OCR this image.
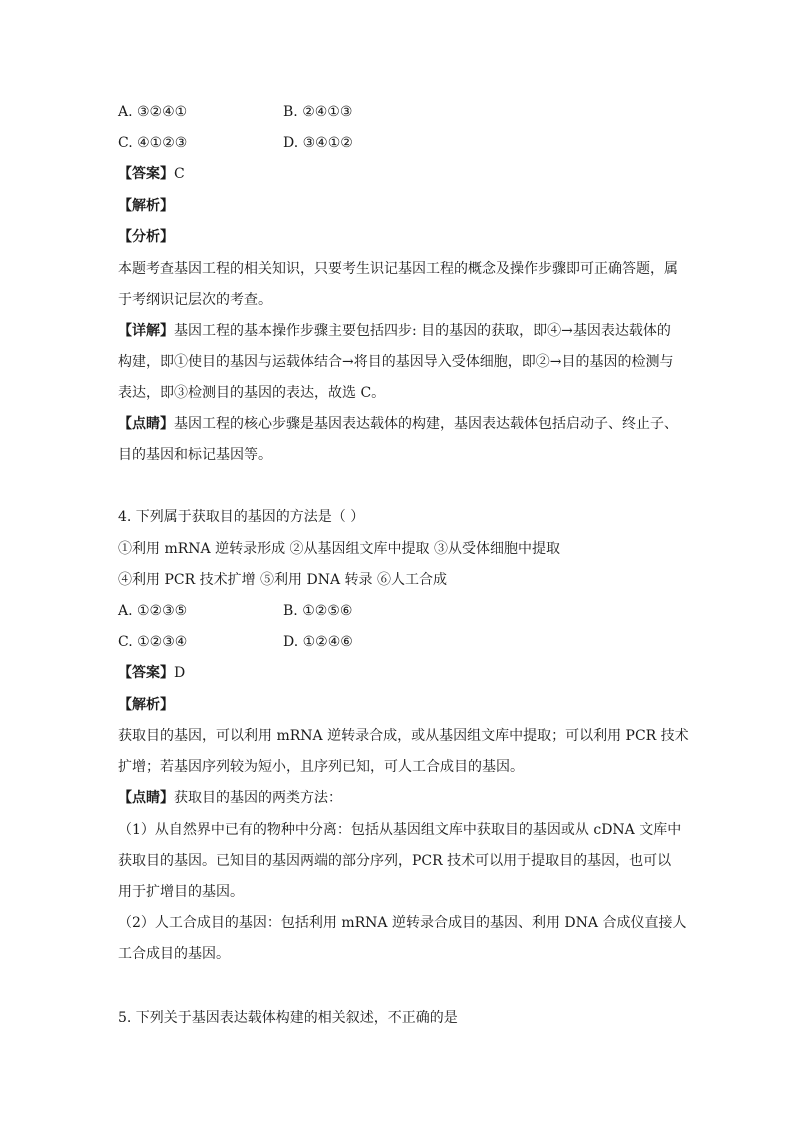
A. ③②④①	B. ②④①③
C. ④①②③	D. ③④①②
【答案】C
【解析】
【分析】
本题考查基因工程的相关知识，只要考生识记基因工程的概念及操作步骤即可正确答题，属
于考纲识记层次的考查。
【详解】基因工程的基本操作步骤主要包括四步: 目的基因的获取，即④→基因表达载体的
构建，即①使目的基因与运载体结合→将目的基因导入受体细胞，即②→目的基因的检测与
表达，即③检测目的基因的表达，故选 C。
【点睛】基因工程的核心步骤是基因表达载体的构建，基因表达载体包括启动子、终止子、
目的基因和标记基因等。
4. 下列属于获取目的基因的方法是（ ）
①利用 mRNA 逆转录形成 ②从基因组文库中提取 ③从受体细胞中提取
④利用 PCR 技术扩增 ⑤利用 DNA 转录 ⑥人工合成
A. ①②③⑤	B. ①②⑤⑥
C. ①②③④	D. ①②④⑥
【答案】D
【解析】
获取目的基因，可以利用 mRNA 逆转录合成，或从基因组文库中提取；可以利用 PCR 技术
扩增；若基因序列较为短小，且序列已知，可人工合成目的基因。
【点睛】获取目的基因的两类方法：
（1）从自然界中已有的物种中分离：包括从基因组文库中获取目的基因或从 cDNA 文库中
获取目的基因。已知目的基因两端的部分序列，PCR 技术可以用于提取目的基因，也可以
用于扩增目的基因。
（2）人工合成目的基因：包括利用 mRNA 逆转录合成目的基因、利用 DNA 合成仪直接人
工合成目的基因。
5. 下列关于基因表达载体构建的相关叙述，不正确的是
